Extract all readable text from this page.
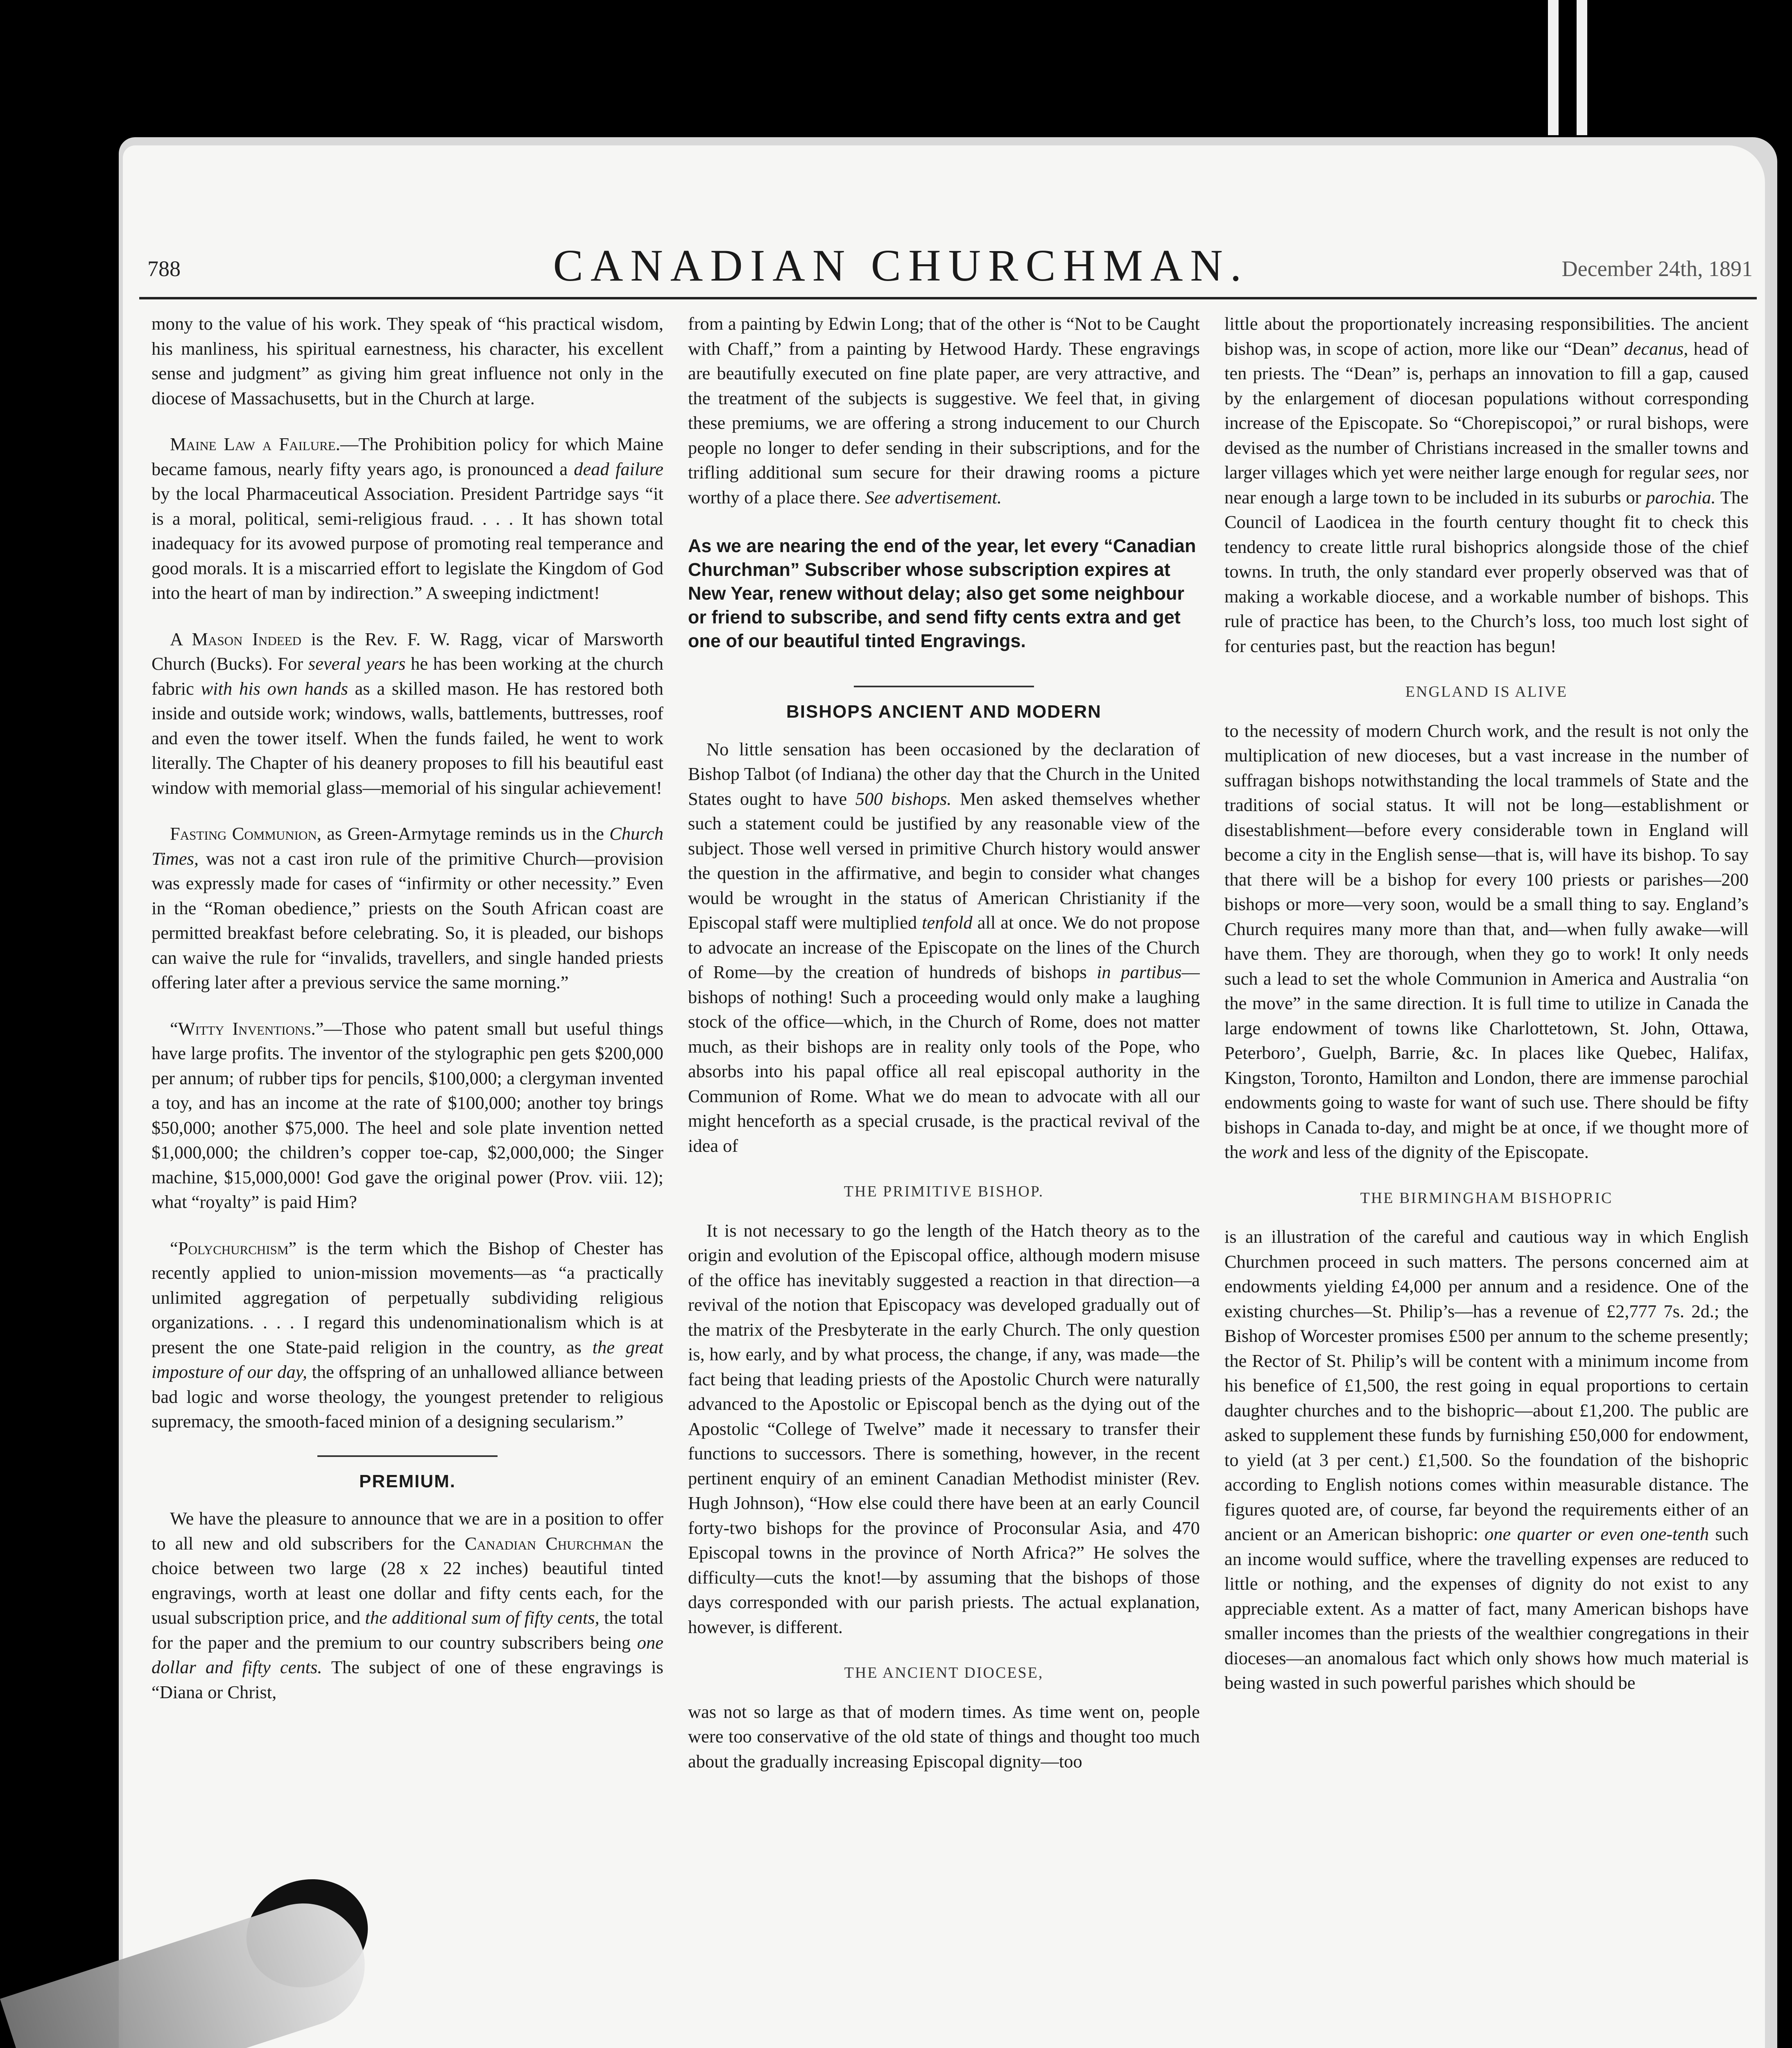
788	CANADIAN CHURCHMAN.	December 24th, 1891

mony to the value of his work. They speak of “his practical wisdom, his manliness, his spiritual earnestness, his character, his excellent sense and judgment” as giving him great influence not only in the diocese of Massachusetts, but in the Church at large.

Maine Law a Failure.—The Prohibition policy for which Maine became famous, nearly fifty years ago, is pronounced a dead failure by the local Pharmaceutical Association. President Partridge says “it is a moral, political, semi-religious fraud. . . . It has shown total inadequacy for its avowed purpose of promoting real temperance and good morals. It is a miscarried effort to legislate the Kingdom of God into the heart of man by indirection.” A sweeping indictment!

A Mason Indeed is the Rev. F. W. Ragg, vicar of Marsworth Church (Bucks). For several years he has been working at the church fabric with his own hands as a skilled mason. He has restored both inside and outside work; windows, walls, battlements, buttresses, roof and even the tower itself. When the funds failed, he went to work literally. The Chapter of his deanery proposes to fill his beautiful east window with memorial glass—memorial of his singular achievement!

Fasting Communion, as Green-Armytage reminds us in the Church Times, was not a cast iron rule of the primitive Church—provision was expressly made for cases of “infirmity or other necessity.” Even in the “Roman obedience,” priests on the South African coast are permitted breakfast before celebrating. So, it is pleaded, our bishops can waive the rule for “invalids, travellers, and single handed priests offering later after a previous service the same morning.”

“Witty Inventions.”—Those who patent small but useful things have large profits. The inventor of the stylographic pen gets $200,000 per annum; of rubber tips for pencils, $100,000; a clergyman invented a toy, and has an income at the rate of $100,000; another toy brings $50,000; another $75,000. The heel and sole plate invention netted $1,000,000; the children’s copper toe-cap, $2,000,000; the Singer machine, $15,000,000! God gave the original power (Prov. viii. 12); what “royalty” is paid Him?

“Polychurchism” is the term which the Bishop of Chester has recently applied to union-mission movements—as “a practically unlimited aggregation of perpetually subdividing religious organizations. . . . I regard this undenominationalism which is at present the one State-paid religion in the country, as the great imposture of our day, the offspring of an unhallowed alliance between bad logic and worse theology, the youngest pretender to religious supremacy, the smooth-faced minion of a designing secularism.”

PREMIUM.

We have the pleasure to announce that we are in a position to offer to all new and old subscribers for the Canadian Churchman the choice between two large (28 x 22 inches) beautiful tinted engravings, worth at least one dollar and fifty cents each, for the usual subscription price, and the additional sum of fifty cents, the total for the paper and the premium to our country subscribers being one dollar and fifty cents. The subject of one of these engravings is “Diana or Christ,

from a painting by Edwin Long; that of the other is “Not to be Caught with Chaff,” from a painting by Hetwood Hardy. These engravings are beautifully executed on fine plate paper, are very attractive, and the treatment of the subjects is suggestive. We feel that, in giving these premiums, we are offering a strong inducement to our Church people no longer to defer sending in their subscriptions, and for the trifling additional sum secure for their drawing rooms a picture worthy of a place there. See advertisement.

As we are nearing the end of the year, let every “Canadian Churchman” Subscriber whose subscription expires at New Year, renew without delay; also get some neighbour or friend to subscribe, and send fifty cents extra and get one of our beautiful tinted Engravings.
BISHOPS ANCIENT AND MODERN

No little sensation has been occasioned by the declaration of Bishop Talbot (of Indiana) the other day that the Church in the United States ought to have 500 bishops. Men asked themselves whether such a statement could be justified by any reasonable view of the subject. Those well versed in primitive Church history would answer the question in the affirmative, and begin to consider what changes would be wrought in the status of American Christianity if the Episcopal staff were multiplied tenfold all at once. We do not propose to advocate an increase of the Episcopate on the lines of the Church of Rome—by the creation of hundreds of bishops in partibus—bishops of nothing! Such a proceeding would only make a laughing stock of the office—which, in the Church of Rome, does not matter much, as their bishops are in reality only tools of the Pope, who absorbs into his papal office all real episcopal authority in the Communion of Rome. What we do mean to advocate with all our might henceforth as a special crusade, is the practical revival of the idea of

THE PRIMITIVE BISHOP.

It is not necessary to go the length of the Hatch theory as to the origin and evolution of the Episcopal office, although modern misuse of the office has inevitably suggested a reaction in that direction—a revival of the notion that Episcopacy was developed gradually out of the matrix of the Presbyterate in the early Church. The only question is, how early, and by what process, the change, if any, was made—the fact being that leading priests of the Apostolic Church were naturally advanced to the Apostolic or Episcopal bench as the dying out of the Apostolic “College of Twelve” made it necessary to transfer their functions to successors. There is something, however, in the recent pertinent enquiry of an eminent Canadian Methodist minister (Rev. Hugh Johnson), “How else could there have been at an early Council forty-two bishops for the province of Proconsular Asia, and 470 Episcopal towns in the province of North Africa?” He solves the difficulty—cuts the knot!—by assuming that the bishops of those days corresponded with our parish priests. The actual explanation, however, is different.

THE ANCIENT DIOCESE,

was not so large as that of modern times. As time went on, people were too conservative of the old state of things and thought too much about the gradually increasing Episcopal dignity—too

little about the proportionately increasing responsibilities. The ancient bishop was, in scope of action, more like our “Dean” decanus, head of ten priests. The “Dean” is, perhaps an innovation to fill a gap, caused by the enlargement of diocesan populations without corresponding increase of the Episcopate. So “Chorepiscopoi,” or rural bishops, were devised as the number of Christians increased in the smaller towns and larger villages which yet were neither large enough for regular sees, nor near enough a large town to be included in its suburbs or parochia. The Council of Laodicea in the fourth century thought fit to check this tendency to create little rural bishoprics alongside those of the chief towns. In truth, the only standard ever properly observed was that of making a workable diocese, and a workable number of bishops. This rule of practice has been, to the Church’s loss, too much lost sight of for centuries past, but the reaction has begun!

ENGLAND IS ALIVE

to the necessity of modern Church work, and the result is not only the multiplication of new dioceses, but a vast increase in the number of suffragan bishops notwithstanding the local trammels of State and the traditions of social status. It will not be long—establishment or disestablishment—before every considerable town in England will become a city in the English sense—that is, will have its bishop. To say that there will be a bishop for every 100 priests or parishes—200 bishops or more—very soon, would be a small thing to say. England’s Church requires many more than that, and—when fully awake—will have them. They are thorough, when they go to work! It only needs such a lead to set the whole Communion in America and Australia “on the move” in the same direction. It is full time to utilize in Canada the large endowment of towns like Charlottetown, St. John, Ottawa, Peterboro’, Guelph, Barrie, &c. In places like Quebec, Halifax, Kingston, Toronto, Hamilton and London, there are immense parochial endowments going to waste for want of such use. There should be fifty bishops in Canada to-day, and might be at once, if we thought more of the work and less of the dignity of the Episcopate.

THE BIRMINGHAM BISHOPRIC

is an illustration of the careful and cautious way in which English Churchmen proceed in such matters. The persons concerned aim at endowments yielding £4,000 per annum and a residence. One of the existing churches—St. Philip’s—has a revenue of £2,777 7s. 2d.; the Bishop of Worcester promises £500 per annum to the scheme presently; the Rector of St. Philip’s will be content with a minimum income from his benefice of £1,500, the rest going in equal proportions to certain daughter churches and to the bishopric—about £1,200. The public are asked to supplement these funds by furnishing £50,000 for endowment, to yield (at 3 per cent.) £1,500. So the foundation of the bishopric according to English notions comes within measurable distance. The figures quoted are, of course, far beyond the requirements either of an ancient or an American bishopric: one quarter or even one-tenth such an income would suffice, where the travelling expenses are reduced to little or nothing, and the expenses of dignity do not exist to any appreciable extent. As a matter of fact, many American bishops have smaller incomes than the priests of the wealthier congregations in their dioceses—an anomalous fact which only shows how much material is being wasted in such powerful parishes which should be
